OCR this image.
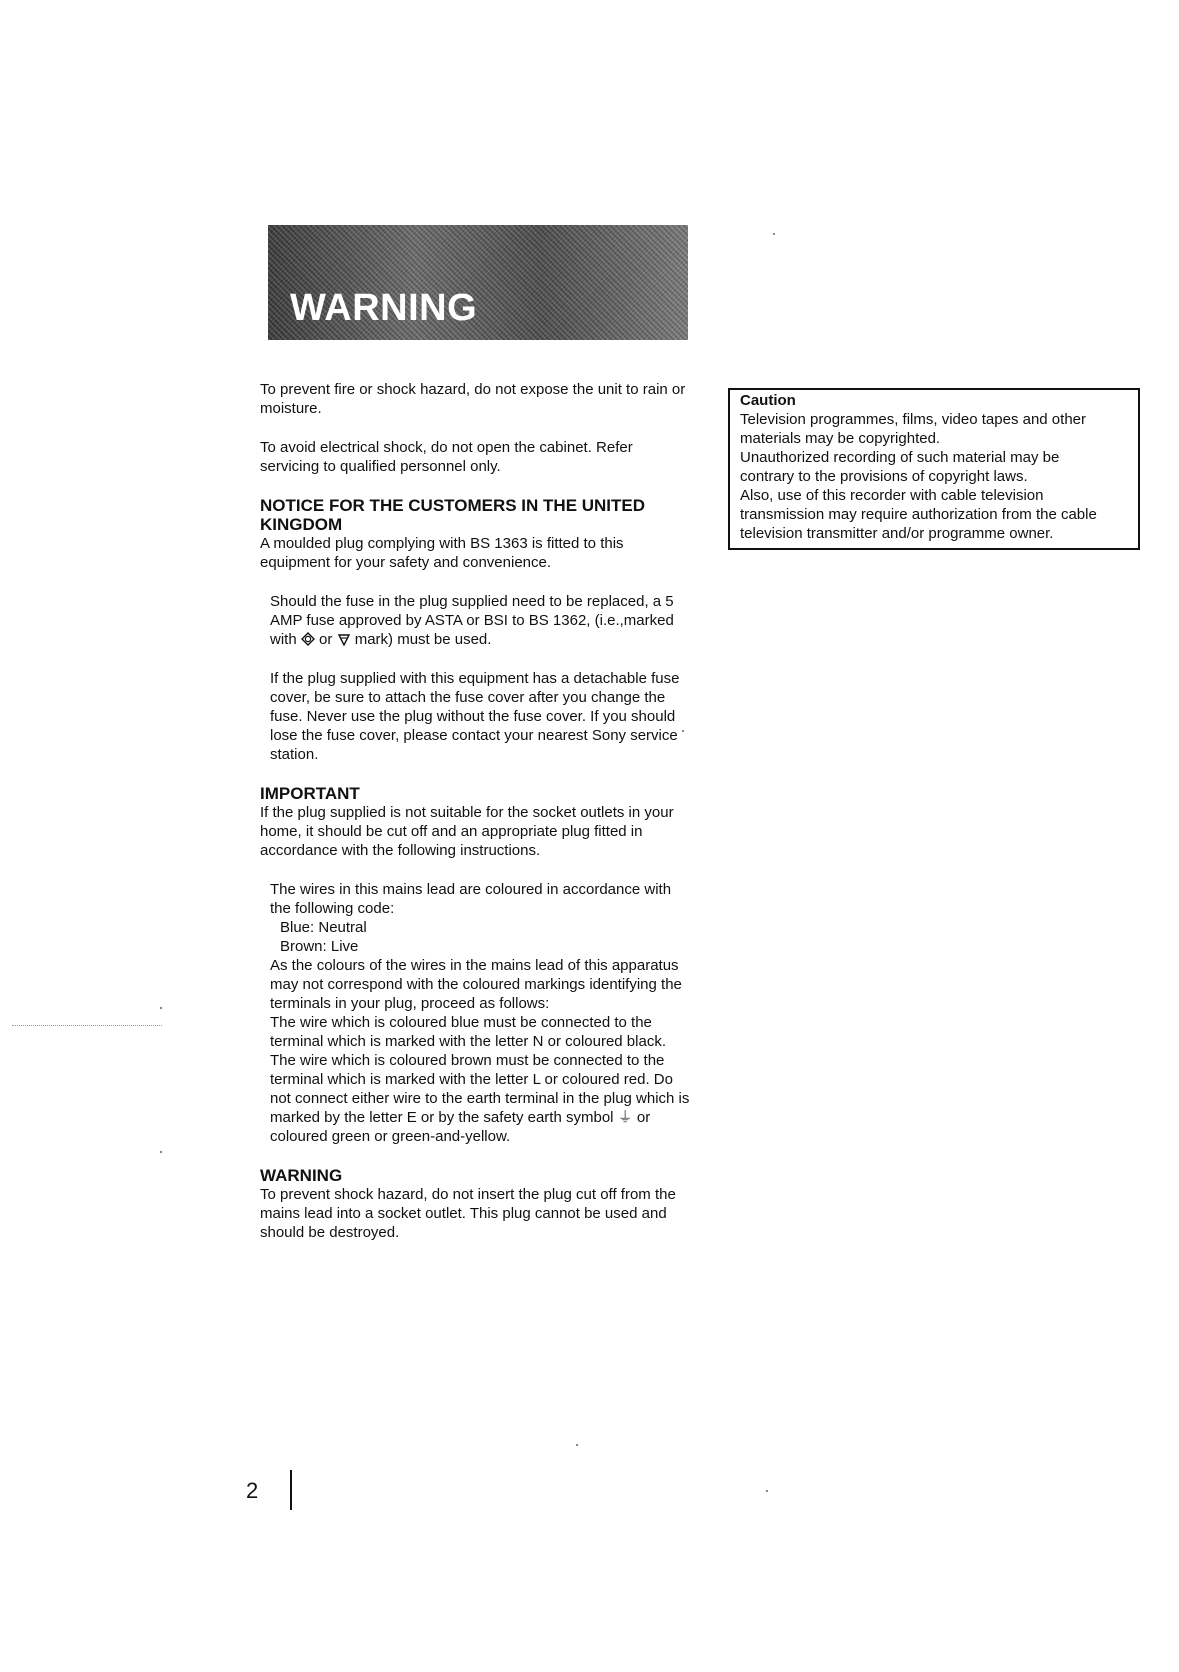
WARNING

To prevent fire or shock hazard, do not expose the unit to rain or moisture.

To avoid electrical shock, do not open the cabinet. Refer servicing to qualified personnel only.

NOTICE FOR THE CUSTOMERS IN THE UNITED KINGDOM

A moulded plug complying with BS 1363 is fitted to this equipment for your safety and convenience.

Should the fuse in the plug supplied need to be replaced, a 5 AMP fuse approved by ASTA or BSI to BS 1362, (i.e.,marked with or mark) must be used.

If the plug supplied with this equipment has a detachable fuse cover, be sure to attach the fuse cover after you change the fuse. Never use the plug without the fuse cover. If you should lose the fuse cover, please contact your nearest Sony service station.

IMPORTANT

If the plug supplied is not suitable for the socket outlets in your home, it should be cut off and an appropriate plug fitted in accordance with the following instructions.

The wires in this mains lead are coloured in accordance with the following code:

Blue: Neutral

Brown: Live

As the colours of the wires in the mains lead of this apparatus may not correspond with the coloured markings identifying the terminals in your plug, proceed as follows:

The wire which is coloured blue must be connected to the terminal which is marked with the letter N or coloured black. The wire which is coloured brown must be connected to the terminal which is marked with the letter L or coloured red. Do not connect either wire to the earth terminal in the plug which is marked by the letter E or by the safety earth symbol ⏚ or coloured green or green-and-yellow.

WARNING

To prevent shock hazard, do not insert the plug cut off from the mains lead into a socket outlet. This plug cannot be used and should be destroyed.

Caution
Television programmes, films, video tapes and other
materials may be copyrighted.
Unauthorized recording of such material may be
contrary to the provisions of copyright laws.
Also, use of this recorder with cable television
transmission may require authorization from the cable
television transmitter and/or programme owner.
2
